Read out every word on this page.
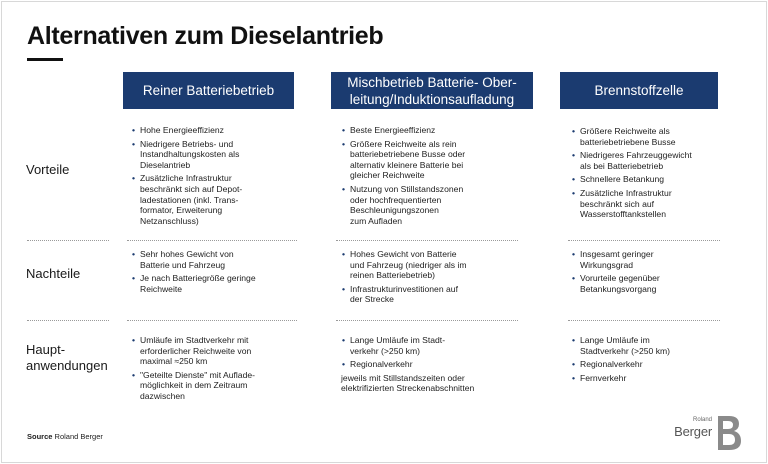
Alternativen zum Dieselantrieb
Reiner Batteriebetrieb
Mischbetrieb Batterie- Ober-
leitung/Induktionsaufladung
Brennstoffzelle
Vorteile
Nachteile
Haupt-
anwendungen
• Hohe Energieeffizienz
• Niedrigere Betriebs- und
Instandhaltungskosten als
Dieselantrieb
• Zusätzliche Infrastruktur
beschränkt sich auf Depot-
ladestationen (inkl. Trans-
formator, Erweiterung
Netzanschluss)
• Beste Energieeffizienz
• Größere Reichweite als rein
batteriebetriebene Busse oder
alternativ kleinere Batterie bei
gleicher Reichweite
• Nutzung von Stillstandszonen
oder hochfrequentierten
Beschleunigungszonen
zum Aufladen
• Größere Reichweite als
batteriebetriebene Busse
• Niedrigeres Fahrzeuggewicht
als bei Batteriebetrieb
• Schnellere Betankung
• Zusätzliche Infrastruktur
beschränkt sich auf
Wasserstofftankstellen
• Sehr hohes Gewicht von
Batterie und Fahrzeug
• Je nach Batteriegröße geringe
Reichweite
• Hohes Gewicht von Batterie
und Fahrzeug (niedriger als im
reinen Batteriebetrieb)
• Infrastrukturinvestitionen auf
der Strecke
• Insgesamt geringer
Wirkungsgrad
• Vorurteile gegenüber
Betankungsvorgang
• Umläufe im Stadtverkehr mit
erforderlicher Reichweite von
maximal ≈250 km
• "Geteilte Dienste" mit Auflade-
möglichkeit in dem Zeitraum
dazwischen
• Lange Umläufe im Stadt-
verkehr (>250 km)
• Regionalverkehr
jeweils mit Stillstandszeiten oder
elektrifizierten Streckenabschnitten
• Lange Umläufe im
Stadtverkehr (>250 km)
• Regionalverkehr
• Fernverkehr
Source Roland Berger
Roland
Berger
